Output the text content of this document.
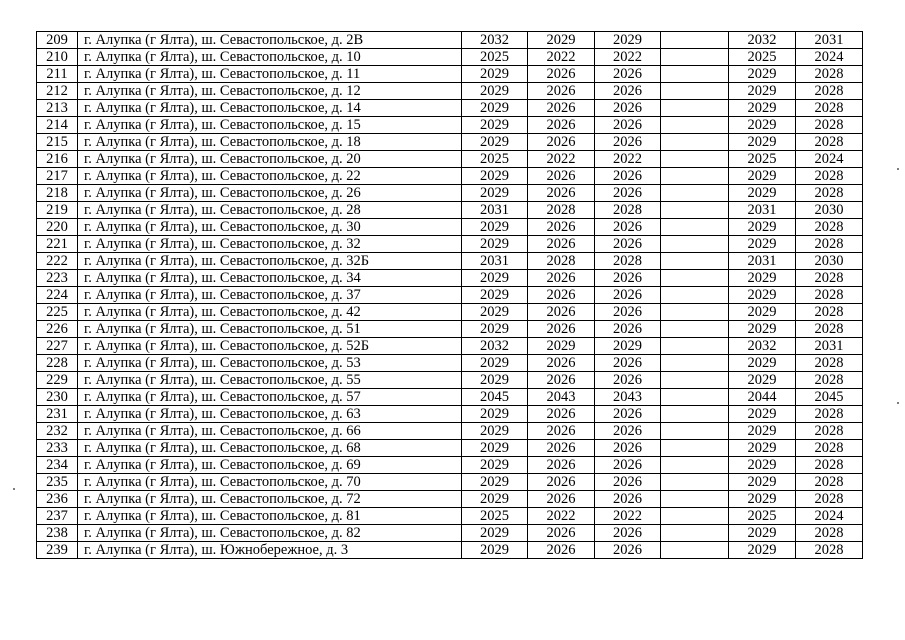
209	г. Алупка (г Ялта), ш. Севастопольское, д. 2В	2032	2029	2029		2032	2031
210	г. Алупка (г Ялта), ш. Севастопольское, д. 10	2025	2022	2022		2025	2024
211	г. Алупка (г Ялта), ш. Севастопольское, д. 11	2029	2026	2026		2029	2028
212	г. Алупка (г Ялта), ш. Севастопольское, д. 12	2029	2026	2026		2029	2028
213	г. Алупка (г Ялта), ш. Севастопольское, д. 14	2029	2026	2026		2029	2028
214	г. Алупка (г Ялта), ш. Севастопольское, д. 15	2029	2026	2026		2029	2028
215	г. Алупка (г Ялта), ш. Севастопольское, д. 18	2029	2026	2026		2029	2028
216	г. Алупка (г Ялта), ш. Севастопольское, д. 20	2025	2022	2022		2025	2024
217	г. Алупка (г Ялта), ш. Севастопольское, д. 22	2029	2026	2026		2029	2028
218	г. Алупка (г Ялта), ш. Севастопольское, д. 26	2029	2026	2026		2029	2028
219	г. Алупка (г Ялта), ш. Севастопольское, д. 28	2031	2028	2028		2031	2030
220	г. Алупка (г Ялта), ш. Севастопольское, д. 30	2029	2026	2026		2029	2028
221	г. Алупка (г Ялта), ш. Севастопольское, д. 32	2029	2026	2026		2029	2028
222	г. Алупка (г Ялта), ш. Севастопольское, д. 32Б	2031	2028	2028		2031	2030
223	г. Алупка (г Ялта), ш. Севастопольское, д. 34	2029	2026	2026		2029	2028
224	г. Алупка (г Ялта), ш. Севастопольское, д. 37	2029	2026	2026		2029	2028
225	г. Алупка (г Ялта), ш. Севастопольское, д. 42	2029	2026	2026		2029	2028
226	г. Алупка (г Ялта), ш. Севастопольское, д. 51	2029	2026	2026		2029	2028
227	г. Алупка (г Ялта), ш. Севастопольское, д. 52Б	2032	2029	2029		2032	2031
228	г. Алупка (г Ялта), ш. Севастопольское, д. 53	2029	2026	2026		2029	2028
229	г. Алупка (г Ялта), ш. Севастопольское, д. 55	2029	2026	2026		2029	2028
230	г. Алупка (г Ялта), ш. Севастопольское, д. 57	2045	2043	2043		2044	2045
231	г. Алупка (г Ялта), ш. Севастопольское, д. 63	2029	2026	2026		2029	2028
232	г. Алупка (г Ялта), ш. Севастопольское, д. 66	2029	2026	2026		2029	2028
233	г. Алупка (г Ялта), ш. Севастопольское, д. 68	2029	2026	2026		2029	2028
234	г. Алупка (г Ялта), ш. Севастопольское, д. 69	2029	2026	2026		2029	2028
235	г. Алупка (г Ялта), ш. Севастопольское, д. 70	2029	2026	2026		2029	2028
236	г. Алупка (г Ялта), ш. Севастопольское, д. 72	2029	2026	2026		2029	2028
237	г. Алупка (г Ялта), ш. Севастопольское, д. 81	2025	2022	2022		2025	2024
238	г. Алупка (г Ялта), ш. Севастопольское, д. 82	2029	2026	2026		2029	2028
239	г. Алупка (г Ялта), ш. Южнобережное, д. 3	2029	2026	2026		2029	2028
